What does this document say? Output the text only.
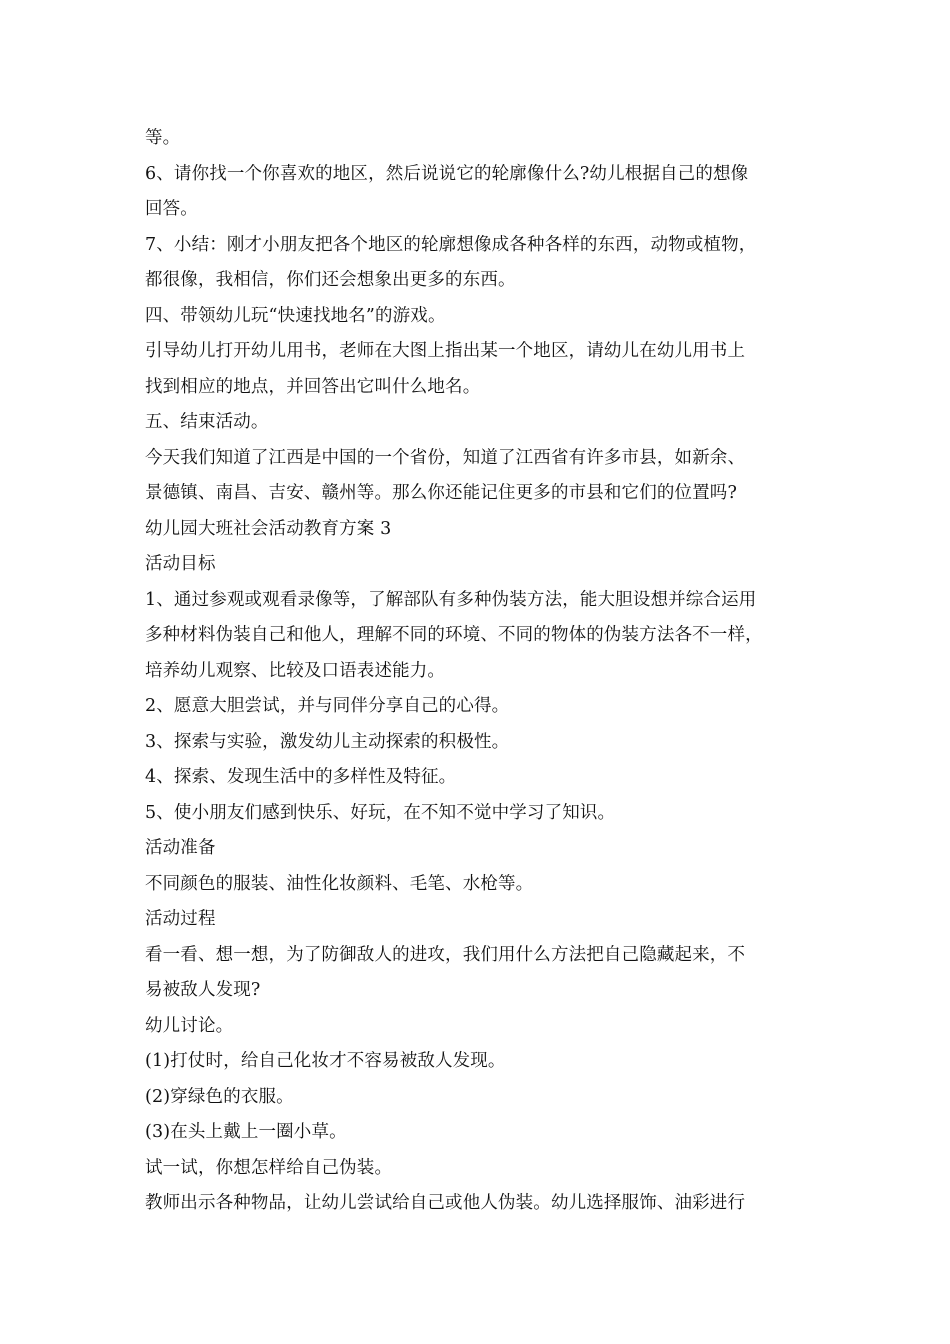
等。
6、请你找一个你喜欢的地区，然后说说它的轮廓像什么?幼儿根据自己的想像
回答。
7、小结：刚才小朋友把各个地区的轮廓想像成各种各样的东西，动物或植物，
都很像，我相信，你们还会想象出更多的东西。
四、带领幼儿玩“快速找地名”的游戏。
引导幼儿打开幼儿用书，老师在大图上指出某一个地区，请幼儿在幼儿用书上
找到相应的地点，并回答出它叫什么地名。
五、结束活动。
今天我们知道了江西是中国的一个省份，知道了江西省有许多市县，如新余、
景德镇、南昌、吉安、赣州等。那么你还能记住更多的市县和它们的位置吗?
幼儿园大班社会活动教育方案 3
活动目标
1、通过参观或观看录像等，了解部队有多种伪装方法，能大胆设想并综合运用
多种材料伪装自己和他人，理解不同的环境、不同的物体的伪装方法各不一样，
培养幼儿观察、比较及口语表述能力。
2、愿意大胆尝试，并与同伴分享自己的心得。
3、探索与实验，激发幼儿主动探索的积极性。
4、探索、发现生活中的多样性及特征。
5、使小朋友们感到快乐、好玩，在不知不觉中学习了知识。
活动准备
不同颜色的服装、油性化妆颜料、毛笔、水枪等。
活动过程
看一看、想一想，为了防御敌人的进攻，我们用什么方法把自己隐藏起来，不
易被敌人发现?
幼儿讨论。
(1)打仗时，给自己化妆才不容易被敌人发现。
(2)穿绿色的衣服。
(3)在头上戴上一圈小草。
试一试，你想怎样给自己伪装。
教师出示各种物品，让幼儿尝试给自己或他人伪装。幼儿选择服饰、油彩进行
